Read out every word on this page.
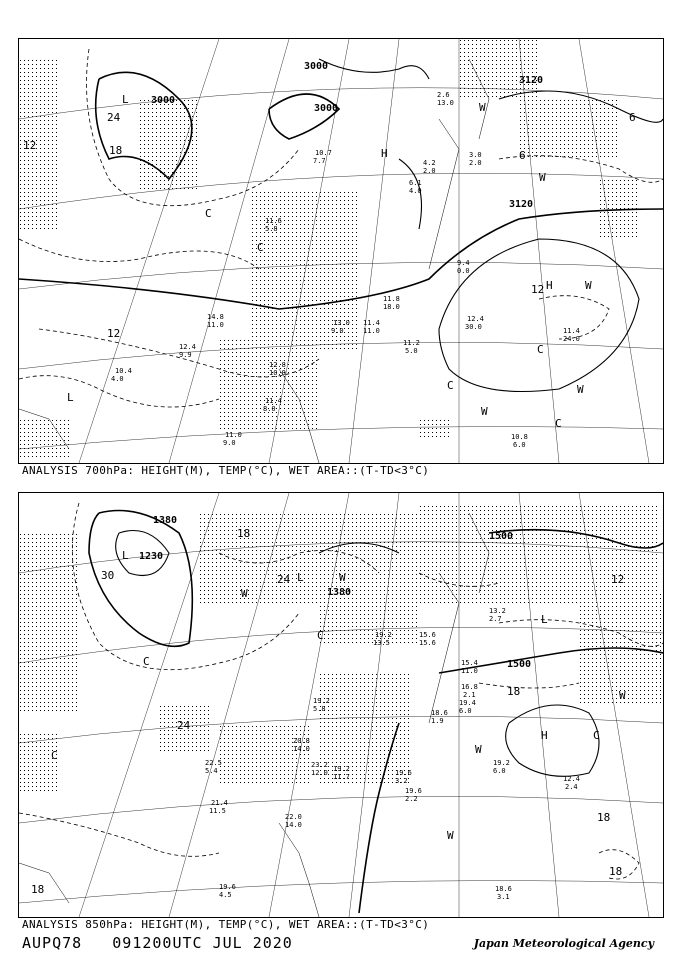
3000
3000
3000
3120
3120
24
18
12
12
12
6
6
L
L
H
H
W
W
W
W
W
C
C
C
C
C
12.4
30.0	11.4
24.0
11.2
5.0
10.8
6.0
11.8
18.0
11.4
11.0
13.0
9.0
12.8
10.0
11.4
8.0
11.0
9.0
12.4
9.9
10.4
4.0
14.8
11.0
11.6
5.8
10.7
7.7	4.2
2.0
3.0
2.0
2.6
13.0
9.4
0.0
6.1
4.0
ANALYSIS 700hPa: HEIGHT(M), TEMP(°C), WET AREA::(T-TD<3°C)
1380
1230
1380
1500
1500
30	24
18
24
18
12
18
18
18
L
L
L
H
W
W
W
W
W
C
C
C
C
19.2
6.0
12.4
2.4
18.6
3.1
19.6
3.2
19.6
2.2
21.4
11.5
22.5
5.4
22.0
14.0
19.2
11.7
23.2
12.0
19.6
4.5
19.2
13.5
15.4
11.0
16.8
2.1
19.4
6.0
18.6
1.9
15.6
15.6
13.2
2.7
19.2
5.8
20.8
14.0
ANALYSIS 850hPa: HEIGHT(M), TEMP(°C), WET AREA::(T-TD<3°C)
AUPQ78 091200UTC JUL 2020	Japan Meteorological Agency
